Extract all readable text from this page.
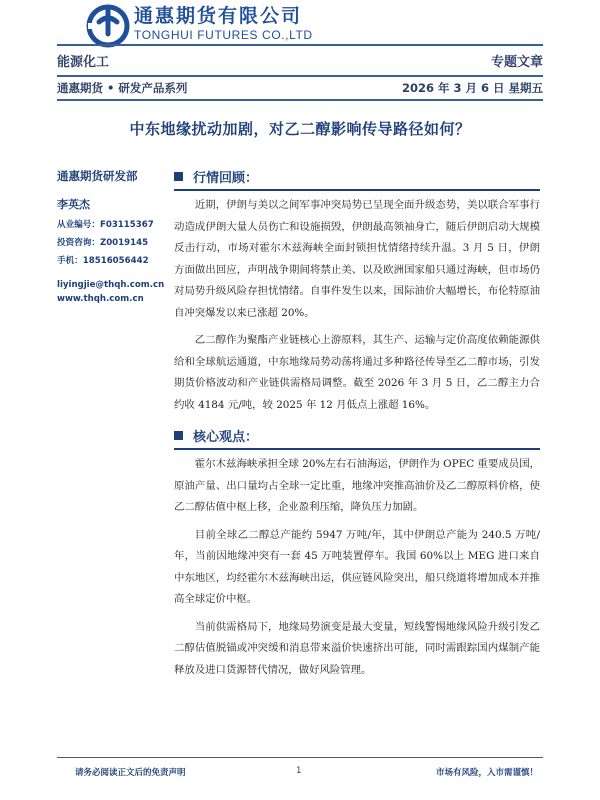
通惠期货有限公司
TONGHUI FUTURES CO.,LTD
能源化工	专题文章
通惠期货 • 研发产品系列	2026 年 3 月 6 日 星期五
中东地缘扰动加剧，对乙二醇影响传导路径如何？
通惠期货研发部
李英杰
从业编号：F03115367
投资咨询：Z0019145
手机：18516056442
liyingjie@thqh.com.cn
www.thqh.com.cn
行情回顾：

近期，伊朗与美以之间军事冲突局势已呈现全面升级态势，美以联合军事行动造成伊朗大量人员伤亡和设施损毁，伊朗最高领袖身亡，随后伊朗启动大规模反击行动，市场对霍尔木兹海峡全面封锁担忧情绪持续升温。3 月 5 日，伊朗方面做出回应，声明战争期间将禁止美、以及欧洲国家船只通过海峡，但市场仍对局势升级风险存担忧情绪。自事件发生以来，国际油价大幅增长，布伦特原油自冲突爆发以来已涨超 20%。

乙二醇作为聚酯产业链核心上游原料，其生产、运输与定价高度依赖能源供给和全球航运通道，中东地缘局势动荡将通过多种路径传导至乙二醇市场，引发期货价格波动和产业链供需格局调整。截至 2026 年 3 月 5 日，乙二醇主力合约收 4184 元/吨，较 2025 年 12 月低点上涨超 16%。

核心观点：

霍尔木兹海峡承担全球 20%左右石油海运，伊朗作为 OPEC 重要成员国，原油产量、出口量均占全球一定比重，地缘冲突推高油价及乙二醇原料价格，使乙二醇估值中枢上移，企业盈利压缩，降负压力加剧。

目前全球乙二醇总产能约 5947 万吨/年，其中伊朗总产能为 240.5 万吨/年，当前因地缘冲突有一套 45 万吨装置停车。我国 60%以上 MEG 进口来自中东地区，均经霍尔木兹海峡出运，供应链风险突出，船只绕道将增加成本并推高全球定价中枢。

当前供需格局下，地缘局势演变是最大变量，短线警惕地缘风险升级引发乙二醇估值脱锚或冲突缓和消息带来溢价快速挤出可能，同时需跟踪国内煤制产能释放及进口货源替代情况，做好风险管理。

请务必阅读正文后的免责声明	1	市场有风险，入市需谨慎！
